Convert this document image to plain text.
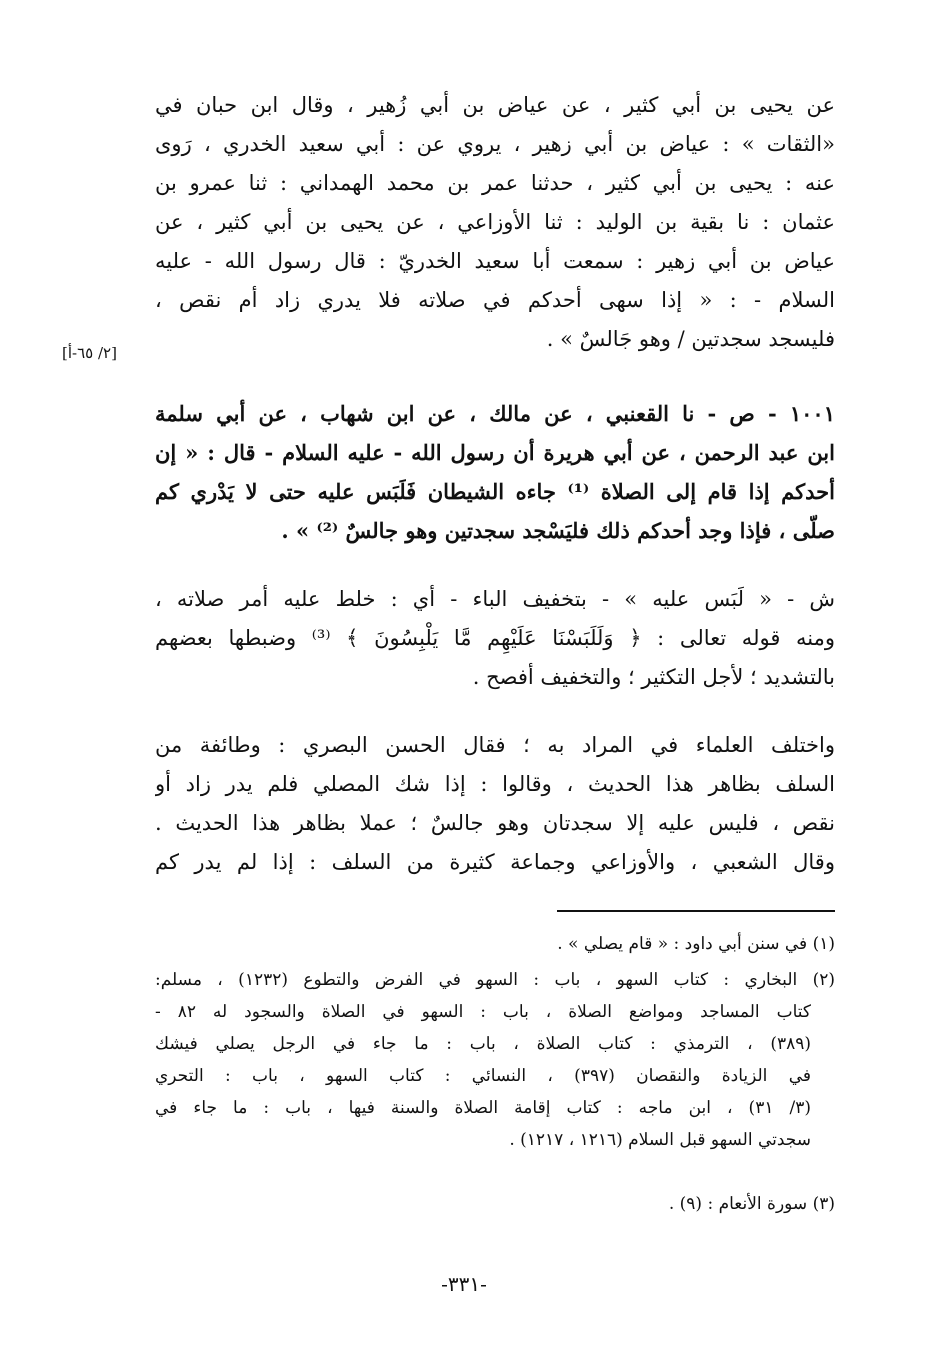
عن يحيى بن أبي كثير ، عن عياض بن أبي زُهير ، وقال ابن حبان في
«الثقات » : عياض بن أبي زهير ، يروي عن : أبي سعيد الخدري ، رَوى
عنه : يحيى بن أبي كثير ، حدثنا عمر بن محمد الهمداني : ثنا عمرو بن
عثمان : نا بقية بن الوليد : ثنا الأوزاعي ، عن يحيى بن أبي كثير ، عن
عياض بن أبي زهير : سمعت أبا سعيد الخدريّ : قال رسول الله - عليه
السلام - : « إذا سهى أحدكم في صلاته فلا يدري زاد أم نقص ،
فليسجد سجدتين / وهو جَالسٌ » .
[٢/ ٦٥-أ]
١٠٠١ - ص - نا القعنبي ، عن مالك ، عن ابن شهاب ، عن أبي سلمة
ابن عبد الرحمن ، عن أبي هريرة أن رسول الله - عليه السلام - قال : « إن
أحدكم إذا قام إلى الصلاة ⁽¹⁾ جاءه الشيطان فَلَبَس عليه حتى لا يَدْري كم
صلّى ، فإذا وجد أحدكم ذلك فليَسْجد سجدتين وهو جالسٌ ⁽²⁾ » .
ش - « لَبَس عليه » - بتخفيف الباء - أي : خلط عليه أمر صلاته ،
ومنه قوله تعالى : ﴿ وَلَلَبَسْنَا عَلَيْهِم مَّا يَلْبِسُونَ ﴾ ⁽³⁾ وضبطها بعضهم
بالتشديد ؛ لأجل التكثير ؛ والتخفيف أفصح .
واختلف العلماء في المراد به ؛ فقال الحسن البصري : وطائفة من
السلف بظاهر هذا الحديث ، وقالوا : إذا شك المصلي فلم يدر زاد أو
نقص ، فليس عليه إلا سجدتان وهو جالسٌ ؛ عملا بظاهر هذا الحديث .
وقال الشعبي ، والأوزاعي وجماعة كثيرة من السلف : إذا لم يدر كم
(١) في سنن أبي داود : « قام يصلي » .
(٢) البخاري : كتاب السهو ، باب : السهو في الفرض والتطوع (١٢٣٢) ، مسلم:
كتاب المساجد ومواضع الصلاة ، باب : السهو في الصلاة والسجود له ٨٢ -
(٣٨٩) ، الترمذي : كتاب الصلاة ، باب : ما جاء في الرجل يصلي فيشك
في الزيادة والنقصان (٣٩٧) ، النسائي : كتاب السهو ، باب : التحري
(٣/ ٣١) ، ابن ماجه : كتاب إقامة الصلاة والسنة فيها ، باب : ما جاء في
سجدتي السهو قبل السلام (١٢١٦ ، ١٢١٧) .
(٣) سورة الأنعام : (٩) .
-٣٣١-
